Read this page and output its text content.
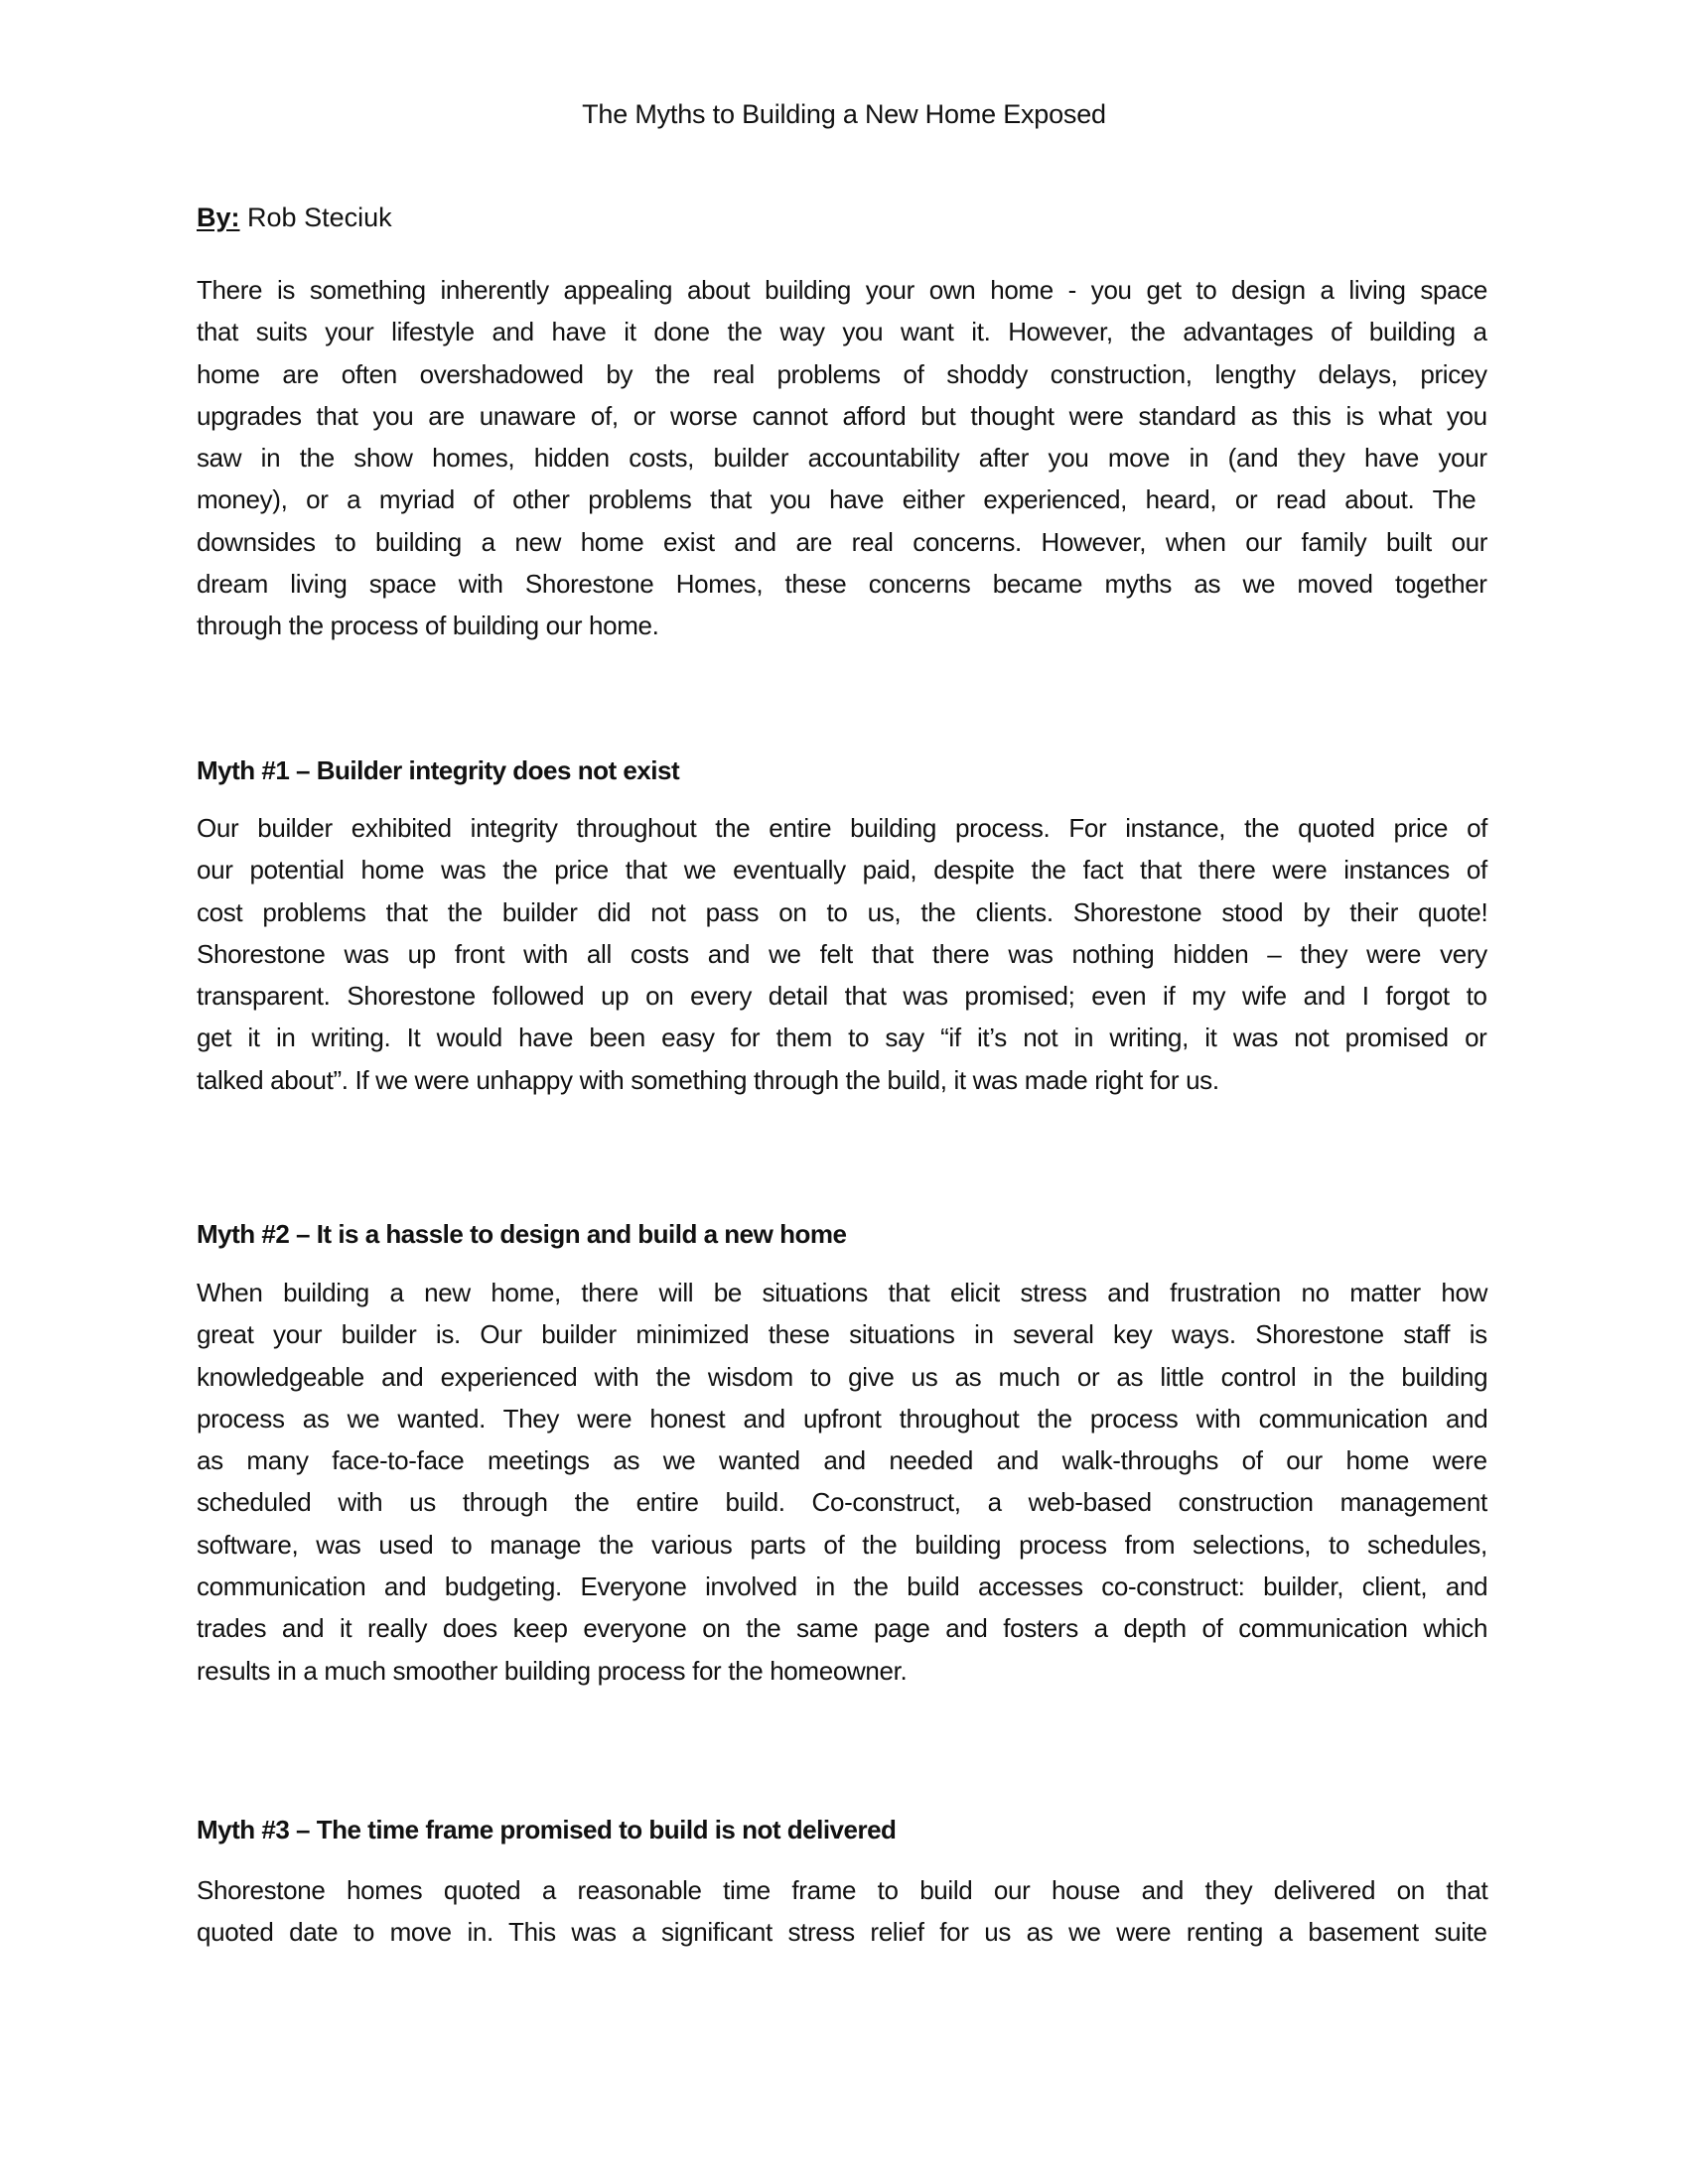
The Myths to Building a New Home Exposed
By: Rob Steciuk
There is something inherently appealing about building your own home - you get to design a living space
that suits your lifestyle and have it done the way you want it. However, the advantages of building a
home are often overshadowed by the real problems of shoddy construction, lengthy delays, pricey
upgrades that you are unaware of, or worse cannot afford but thought were standard as this is what you
saw in the show homes, hidden costs, builder accountability after you move in (and they have your
money), or a myriad of other problems that you have either experienced, heard, or read about. The
downsides to building a new home exist and are real concerns. However, when our family built our
dream living space with Shorestone Homes, these concerns became myths as we moved together
through the process of building our home.
Myth #1 – Builder integrity does not exist
Our builder exhibited integrity throughout the entire building process. For instance, the quoted price of
our potential home was the price that we eventually paid, despite the fact that there were instances of
cost problems that the builder did not pass on to us, the clients. Shorestone stood by their quote!
Shorestone was up front with all costs and we felt that there was nothing hidden – they were very
transparent. Shorestone followed up on every detail that was promised; even if my wife and I forgot to
get it in writing. It would have been easy for them to say “if it’s not in writing, it was not promised or
talked about”. If we were unhappy with something through the build, it was made right for us.
Myth #2 – It is a hassle to design and build a new home
When building a new home, there will be situations that elicit stress and frustration no matter how
great your builder is. Our builder minimized these situations in several key ways. Shorestone staff is
knowledgeable and experienced with the wisdom to give us as much or as little control in the building
process as we wanted. They were honest and upfront throughout the process with communication and
as many face-to-face meetings as we wanted and needed and walk-throughs of our home were
scheduled with us through the entire build. Co-construct, a web-based construction management
software, was used to manage the various parts of the building process from selections, to schedules,
communication and budgeting. Everyone involved in the build accesses co-construct: builder, client, and
trades and it really does keep everyone on the same page and fosters a depth of communication which
results in a much smoother building process for the homeowner.
Myth #3 – The time frame promised to build is not delivered
Shorestone homes quoted a reasonable time frame to build our house and they delivered on that
quoted date to move in. This was a significant stress relief for us as we were renting a basement suite
